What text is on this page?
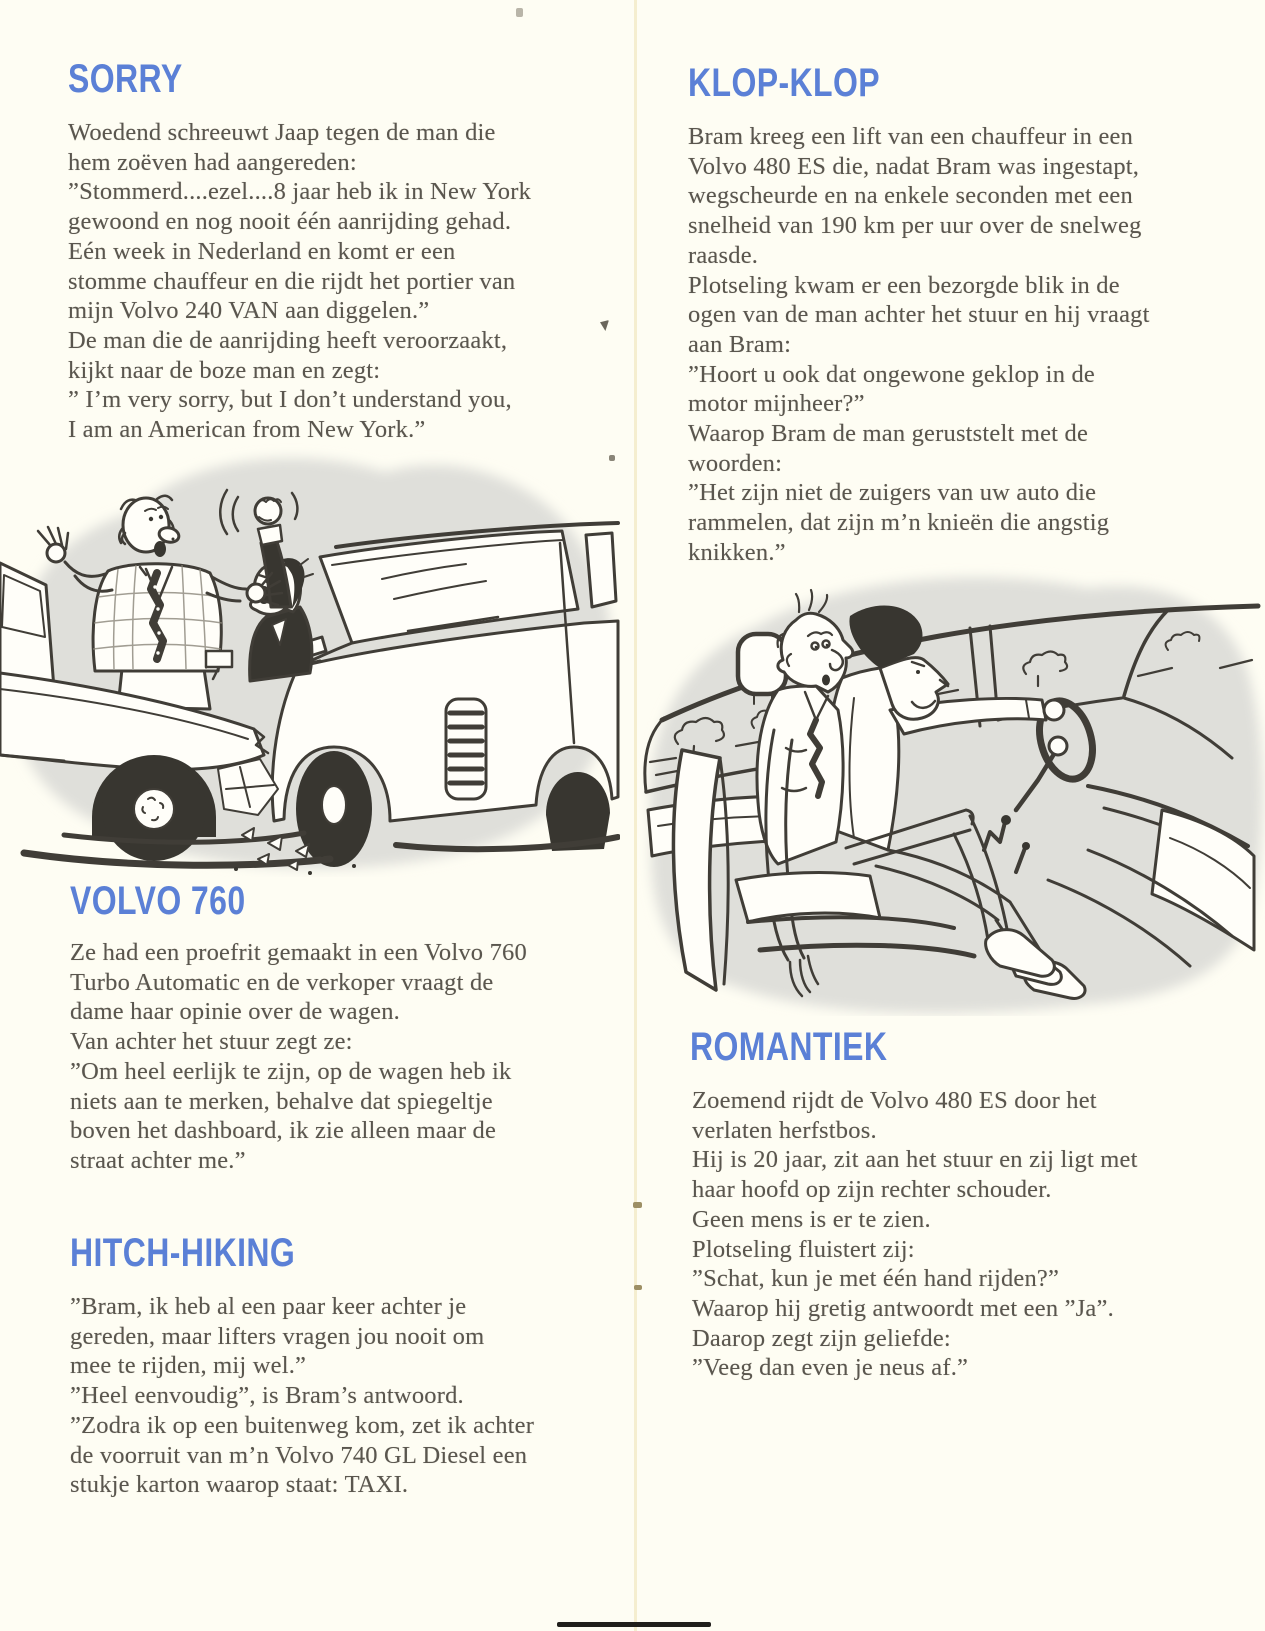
SORRY
Woedend schreeuwt Jaap tegen de man die
hem zoëven had aangereden:
”Stommerd....ezel....8 jaar heb ik in New York
gewoond en nog nooit één aanrijding gehad.
Eén week in Nederland en komt er een
stomme chauffeur en die rijdt het portier van
mijn Volvo 240 VAN aan diggelen.”
De man die de aanrijding heeft veroorzaakt,
kijkt naar de boze man en zegt:
” I’m very sorry, but I don’t understand you,
I am an American from New York.”
VOLVO 760
Ze had een proefrit gemaakt in een Volvo 760
Turbo Automatic en de verkoper vraagt de
dame haar opinie over de wagen.
Van achter het stuur zegt ze:
”Om heel eerlijk te zijn, op de wagen heb ik
niets aan te merken, behalve dat spiegeltje
boven het dashboard, ik zie alleen maar de
straat achter me.”
HITCH-HIKING
”Bram, ik heb al een paar keer achter je
gereden, maar lifters vragen jou nooit om
mee te rijden, mij wel.”
”Heel eenvoudig”, is Bram’s antwoord.
”Zodra ik op een buitenweg kom, zet ik achter
de voorruit van m’n Volvo 740 GL Diesel een
stukje karton waarop staat: TAXI.
KLOP-KLOP
Bram kreeg een lift van een chauffeur in een
Volvo 480 ES die, nadat Bram was ingestapt,
wegscheurde en na enkele seconden met een
snelheid van 190 km per uur over de snelweg
raasde.
Plotseling kwam er een bezorgde blik in de
ogen van de man achter het stuur en hij vraagt
aan Bram:
”Hoort u ook dat ongewone geklop in de
motor mijnheer?”
Waarop Bram de man geruststelt met de
woorden:
”Het zijn niet de zuigers van uw auto die
rammelen, dat zijn m’n knieën die angstig
knikken.”
ROMANTIEK
Zoemend rijdt de Volvo 480 ES door het
verlaten herfstbos.
Hij is 20 jaar, zit aan het stuur en zij ligt met
haar hoofd op zijn rechter schouder.
Geen mens is er te zien.
Plotseling fluistert zij:
”Schat, kun je met één hand rijden?”
Waarop hij gretig antwoordt met een ”Ja”.
Daarop zegt zijn geliefde:
”Veeg dan even je neus af.”
